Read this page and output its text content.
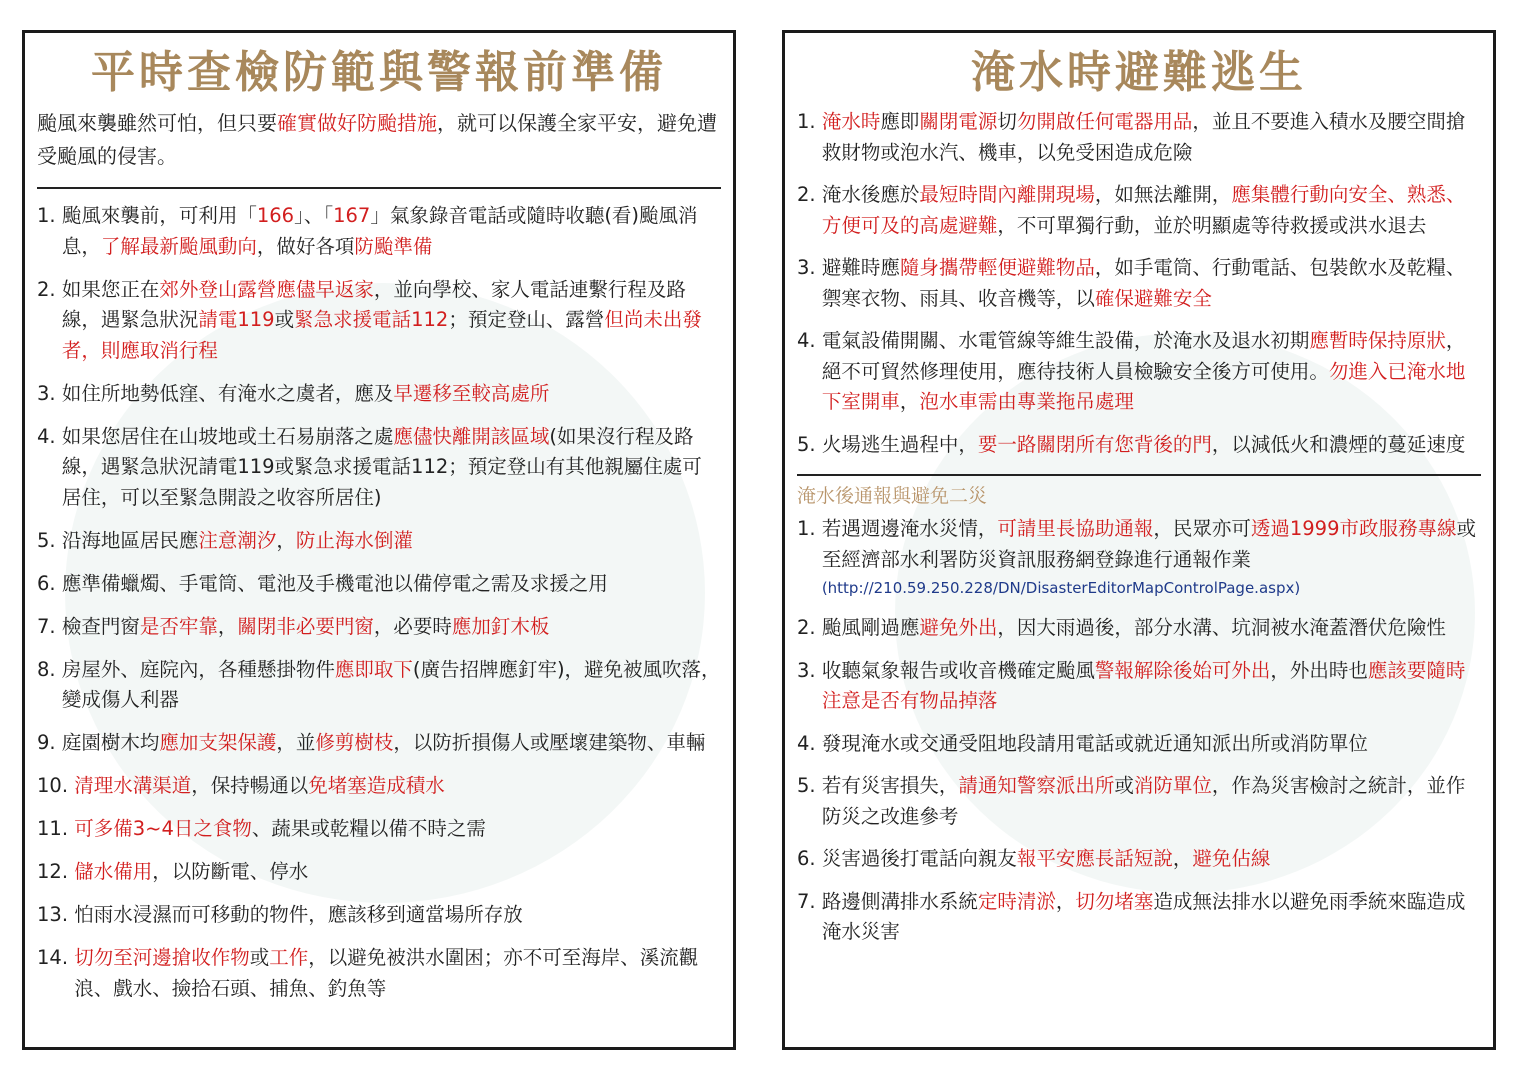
平時查檢防範與警報前準備
颱風來襲雖然可怕，但只要確實做好防颱措施，就可以保護全家平安，避免遭受颱風的侵害。
1. 颱風來襲前，可利用「166」、「167」氣象錄音電話或隨時收聽(看)颱風消息，了解最新颱風動向，做好各項防颱準備
2. 如果您正在郊外登山露營應儘早返家，並向學校、家人電話連繫行程及路線，遇緊急狀況請電119或緊急求援電話112；預定登山、露營但尚未出發者，則應取消行程
3. 如住所地勢低窪、有淹水之虞者，應及早遷移至較高處所
4. 如果您居住在山坡地或土石易崩落之處應儘快離開該區域(如果沒行程及路線，遇緊急狀況請電119或緊急求援電話112；預定登山有其他親屬住處可居住，可以至緊急開設之收容所居住)
5. 沿海地區居民應注意潮汐，防止海水倒灌
6. 應準備蠟燭、手電筒、電池及手機電池以備停電之需及求援之用
7. 檢查門窗是否牢靠，關閉非必要門窗，必要時應加釘木板
8. 房屋外、庭院內，各種懸掛物件應即取下(廣告招牌應釘牢)，避免被風吹落，變成傷人利器
9. 庭園樹木均應加支架保護，並修剪樹枝，以防折損傷人或壓壞建築物、車輛
10. 清理水溝渠道，保持暢通以免堵塞造成積水
11. 可多備3~4日之食物、蔬果或乾糧以備不時之需
12. 儲水備用，以防斷電、停水
13. 怕雨水浸濕而可移動的物件，應該移到適當場所存放
14. 切勿至河邊搶收作物或工作，以避免被洪水圍困；亦不可至海岸、溪流觀浪、戲水、撿拾石頭、捕魚、釣魚等
淹水時避難逃生
1. 淹水時應即關閉電源切勿開啟任何電器用品，並且不要進入積水及腰空間搶救財物或泡水汽、機車，以免受困造成危險
2. 淹水後應於最短時間內離開現場，如無法離開，應集體行動向安全、熟悉、方便可及的高處避難，不可單獨行動，並於明顯處等待救援或洪水退去
3. 避難時應隨身攜帶輕便避難物品，如手電筒、行動電話、包裝飲水及乾糧、禦寒衣物、雨具、收音機等，以確保避難安全
4. 電氣設備開關、水電管線等維生設備，於淹水及退水初期應暫時保持原狀，絕不可貿然修理使用，應待技術人員檢驗安全後方可使用。勿進入已淹水地下室開車，泡水車需由專業拖吊處理
5. 火場逃生過程中，要一路關閉所有您背後的門，以減低火和濃煙的蔓延速度
淹水後通報與避免二災
1. 若遇週邊淹水災情，可請里長協助通報，民眾亦可透過1999市政服務專線或至經濟部水利署防災資訊服務網登錄進行通報作業
(http://210.59.250.228/DN/DisasterEditorMapControlPage.aspx)
2. 颱風剛過應避免外出，因大雨過後，部分水溝、坑洞被水淹蓋潛伏危險性
3. 收聽氣象報告或收音機確定颱風警報解除後始可外出，外出時也應該要隨時注意是否有物品掉落
4. 發現淹水或交通受阻地段請用電話或就近通知派出所或消防單位
5. 若有災害損失，請通知警察派出所或消防單位，作為災害檢討之統計，並作防災之改進參考
6. 災害過後打電話向親友報平安應長話短說，避免佔線
7. 路邊側溝排水系統定時清淤，切勿堵塞造成無法排水以避免雨季統來臨造成淹水災害
